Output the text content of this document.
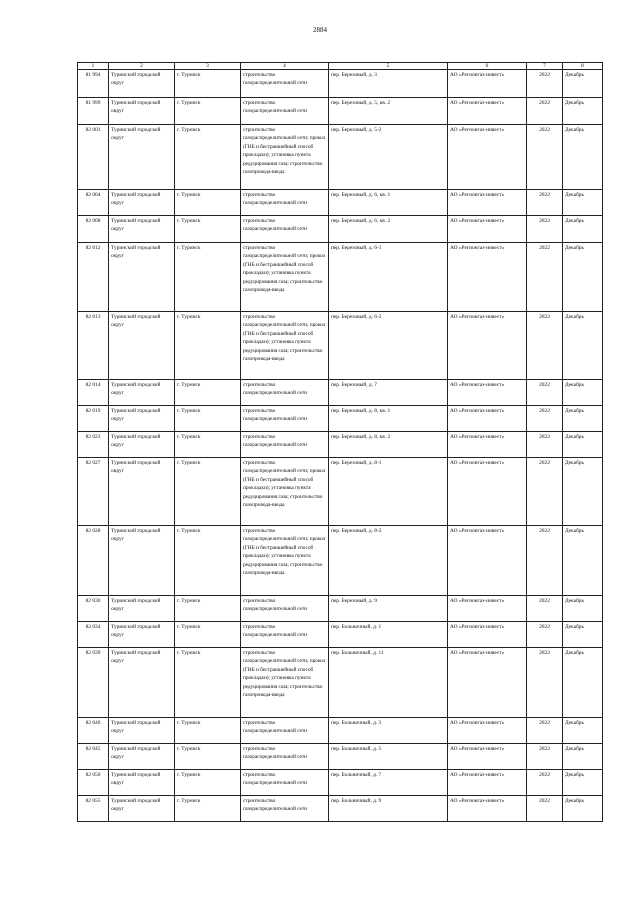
2884
1	2	3	4	5	6	7	8
81 994	Туринский городской округ	г. Туринск	строительство газораспределительной сети	пер. Березовый, д. 3	АО «Регионгаз-инвест»	2022	Декабрь
81 999	Туринский городской округ	г. Туринск	строительство газораспределительной сети	пер. Березовый, д. 5, кв. 2	АО «Регионгаз-инвест»	2022	Декабрь
82 003	Туринский городской округ	г. Туринск	строительство газораспределительной сети; прокол (ГНБ и бестраншейный способ прокладки); установка пункта редуцирования газа; строительство газопровода-ввода	пер. Березовый, д. 5-2	АО «Регионгаз-инвест»	2022	Декабрь
82 004	Туринский городской округ	г. Туринск	строительство газораспределительной сети	пер. Березовый, д. 6, кв. 1	АО «Регионгаз-инвест»	2022	Декабрь
82 008	Туринский городской округ	г. Туринск	строительство газораспределительной сети	пер. Березовый, д. 6, кв. 2	АО «Регионгаз-инвест»	2022	Декабрь
82 012	Туринский городской округ	г. Туринск	строительство газораспределительной сети; прокол (ГНБ и бестраншейный способ прокладки); установка пункта редуцирования газа; строительство газопровода-ввода	пер. Березовый, д. 6-1	АО «Регионгаз-инвест»	2022	Декабрь
82 013	Туринский городской округ	г. Туринск	строительство газораспределительной сети; прокол (ГНБ и бестраншейный способ прокладки); установка пункта редуцирования газа; строительство газопровода-ввода	пер. Березовый, д. 6-2	АО «Регионгаз-инвест»	2022	Декабрь
82 014	Туринский городской округ	г. Туринск	строительство газораспределительной сети	пер. Березовый, д. 7	АО «Регионгаз-инвест»	2022	Декабрь
82 019	Туринский городской округ	г. Туринск	строительство газораспределительной сети	пер. Березовый, д. 8, кв. 1	АО «Регионгаз-инвест»	2022	Декабрь
82 023	Туринский городской округ	г. Туринск	строительство газораспределительной сети	пер. Березовый, д. 8, кв. 2	АО «Регионгаз-инвест»	2022	Декабрь
82 027	Туринский городской округ	г. Туринск	строительство газораспределительной сети; прокол (ГНБ и бестраншейный способ прокладки); установка пункта редуцирования газа; строительство газопровода-ввода	пер. Березовый, д. 8-1	АО «Регионгаз-инвест»	2022	Декабрь
82 028	Туринский городской округ	г. Туринск	строительство газораспределительной сети; прокол (ГНБ и бестраншейный способ прокладки); установка пункта редуцирования газа; строительство газопровода-ввода	пер. Березовый, д. 8-2	АО «Регионгаз-инвест»	2022	Декабрь
82 030	Туринский городской округ	г. Туринск	строительство газораспределительной сети	пер. Березовый, д. 9	АО «Регионгаз-инвест»	2022	Декабрь
82 034	Туринский городской округ	г. Туринск	строительство газораспределительной сети	пер. Больничный, д. 1	АО «Регионгаз-инвест»	2022	Декабрь
82 039	Туринский городской округ	г. Туринск	строительство газораспределительной сети; прокол (ГНБ и бестраншейный способ прокладки); установка пункта редуцирования газа; строительство газопровода-ввода	пер. Больничный, д. 11	АО «Регионгаз-инвест»	2022	Декабрь
82 040	Туринский городской округ	г. Туринск	строительство газораспределительной сети	пер. Больничный, д. 3	АО «Регионгаз-инвест»	2022	Декабрь
82 045	Туринский городской округ	г. Туринск	строительство газораспределительной сети	пер. Больничный, д. 5	АО «Регионгаз-инвест»	2022	Декабрь
82 050	Туринский городской округ	г. Туринск	строительство газораспределительной сети	пер. Больничный, д. 7	АО «Регионгаз-инвест»	2022	Декабрь
82 055	Туринский городской округ	г. Туринск	строительство газораспределительной сети	пер. Больничный, д. 9	АО «Регионгаз-инвест»	2022	Декабрь
